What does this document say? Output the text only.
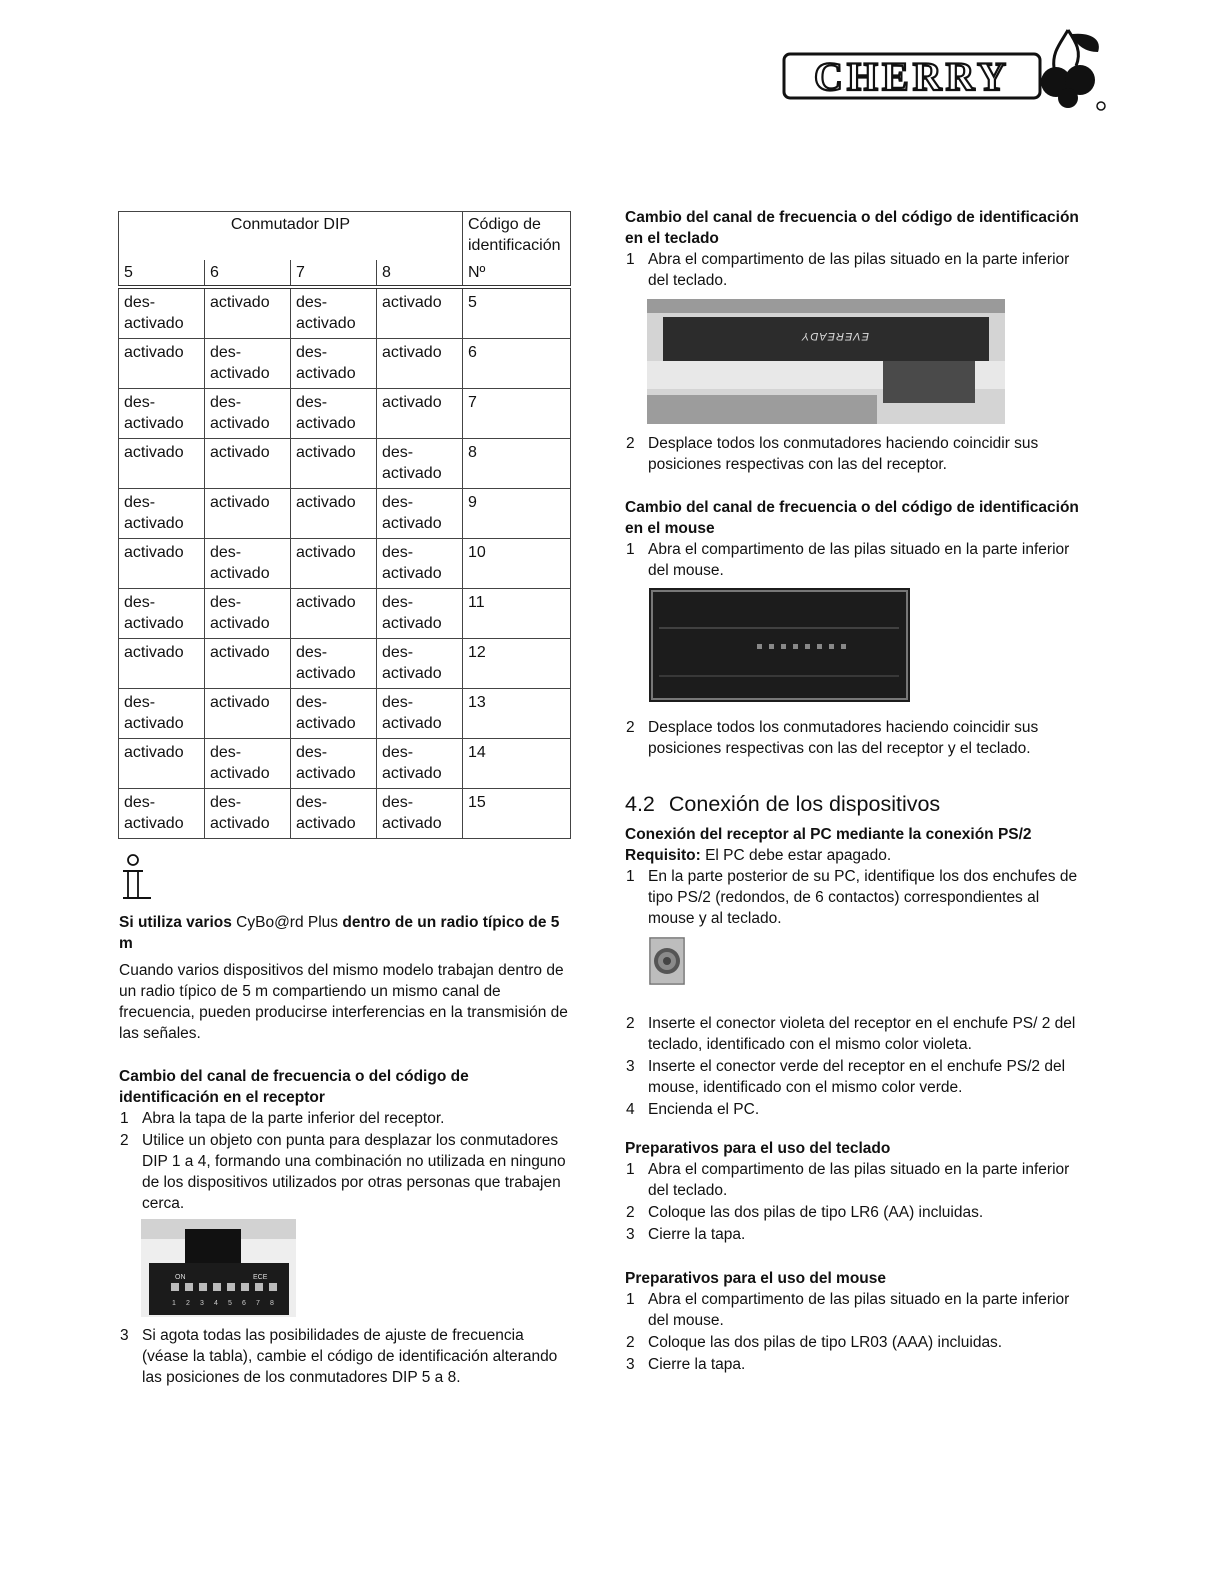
CHERRY
Conmutador DIP				Código de identificación
5	6	7	8	Nº
des- activado	activado	des- activado	activado	5
activado	des- activado	des- activado	activado	6
des- activado	des- activado	des- activado	activado	7
activado	activado	activado	des- activado	8
des- activado	activado	activado	des- activado	9
activado	des- activado	activado	des- activado	10
des- activado	des- activado	activado	des- activado	11
activado	activado	des- activado	des- activado	12
des- activado	activado	des- activado	des- activado	13
activado	des- activado	des- activado	des- activado	14
des- activado	des- activado	des- activado	des- activado	15

Si utiliza varios CyBo@rd Plus dentro de un radio típico de 5 m

Cuando varios dispositivos del mismo modelo trabajan dentro de un radio típico de 5 m compartiendo un mismo canal de frecuencia, pueden producirse interferencias en la transmisión de las señales.

Cambio del canal de frecuencia o del código de identificación en el receptor

1 Abra la tapa de la parte inferior del receptor.
2 Utilice un objeto con punta para desplazar los conmutadores DIP 1 a 4, formando una combinación no utilizada en ninguno de los dispositivos utilizados por otras personas que trabajen cerca.
ON	ECE
1 2 3 4 5 6 7 8
3 Si agota todas las posibilidades de ajuste de frecuencia (véase la tabla), cambie el código de identificación alterando las posiciones de los conmutadores DIP 5 a 8.

Cambio del canal de frecuencia o del código de identificación en el teclado

1 Abra el compartimento de las pilas situado en la parte inferior del teclado.
EVEREADY
2 Desplace todos los conmutadores haciendo coincidir sus posiciones respectivas con las del receptor.

Cambio del canal de frecuencia o del código de identificación en el mouse

1 Abra el compartimento de las pilas situado en la parte inferior del mouse.
2 Desplace todos los conmutadores haciendo coincidir sus posiciones respectivas con las del receptor y el teclado.
4.2 Conexión de los dispositivos

Conexión del receptor al PC mediante la conexión PS/2

Requisito: El PC debe estar apagado.

1 En la parte posterior de su PC, identifique los dos enchufes de tipo PS/2 (redondos, de 6 contactos) correspondientes al mouse y al teclado.
2 Inserte el conector violeta del receptor en el enchufe PS/ 2 del teclado, identificado con el mismo color violeta.
3 Inserte el conector verde del receptor en el enchufe PS/2 del mouse, identificado con el mismo color verde.
4 Encienda el PC.

Preparativos para el uso del teclado

1 Abra el compartimento de las pilas situado en la parte inferior del teclado.
2 Coloque las dos pilas de tipo LR6 (AA) incluidas.
3 Cierre la tapa.

Preparativos para el uso del mouse

1 Abra el compartimento de las pilas situado en la parte inferior del mouse.
2 Coloque las dos pilas de tipo LR03 (AAA) incluidas.
3 Cierre la tapa.
